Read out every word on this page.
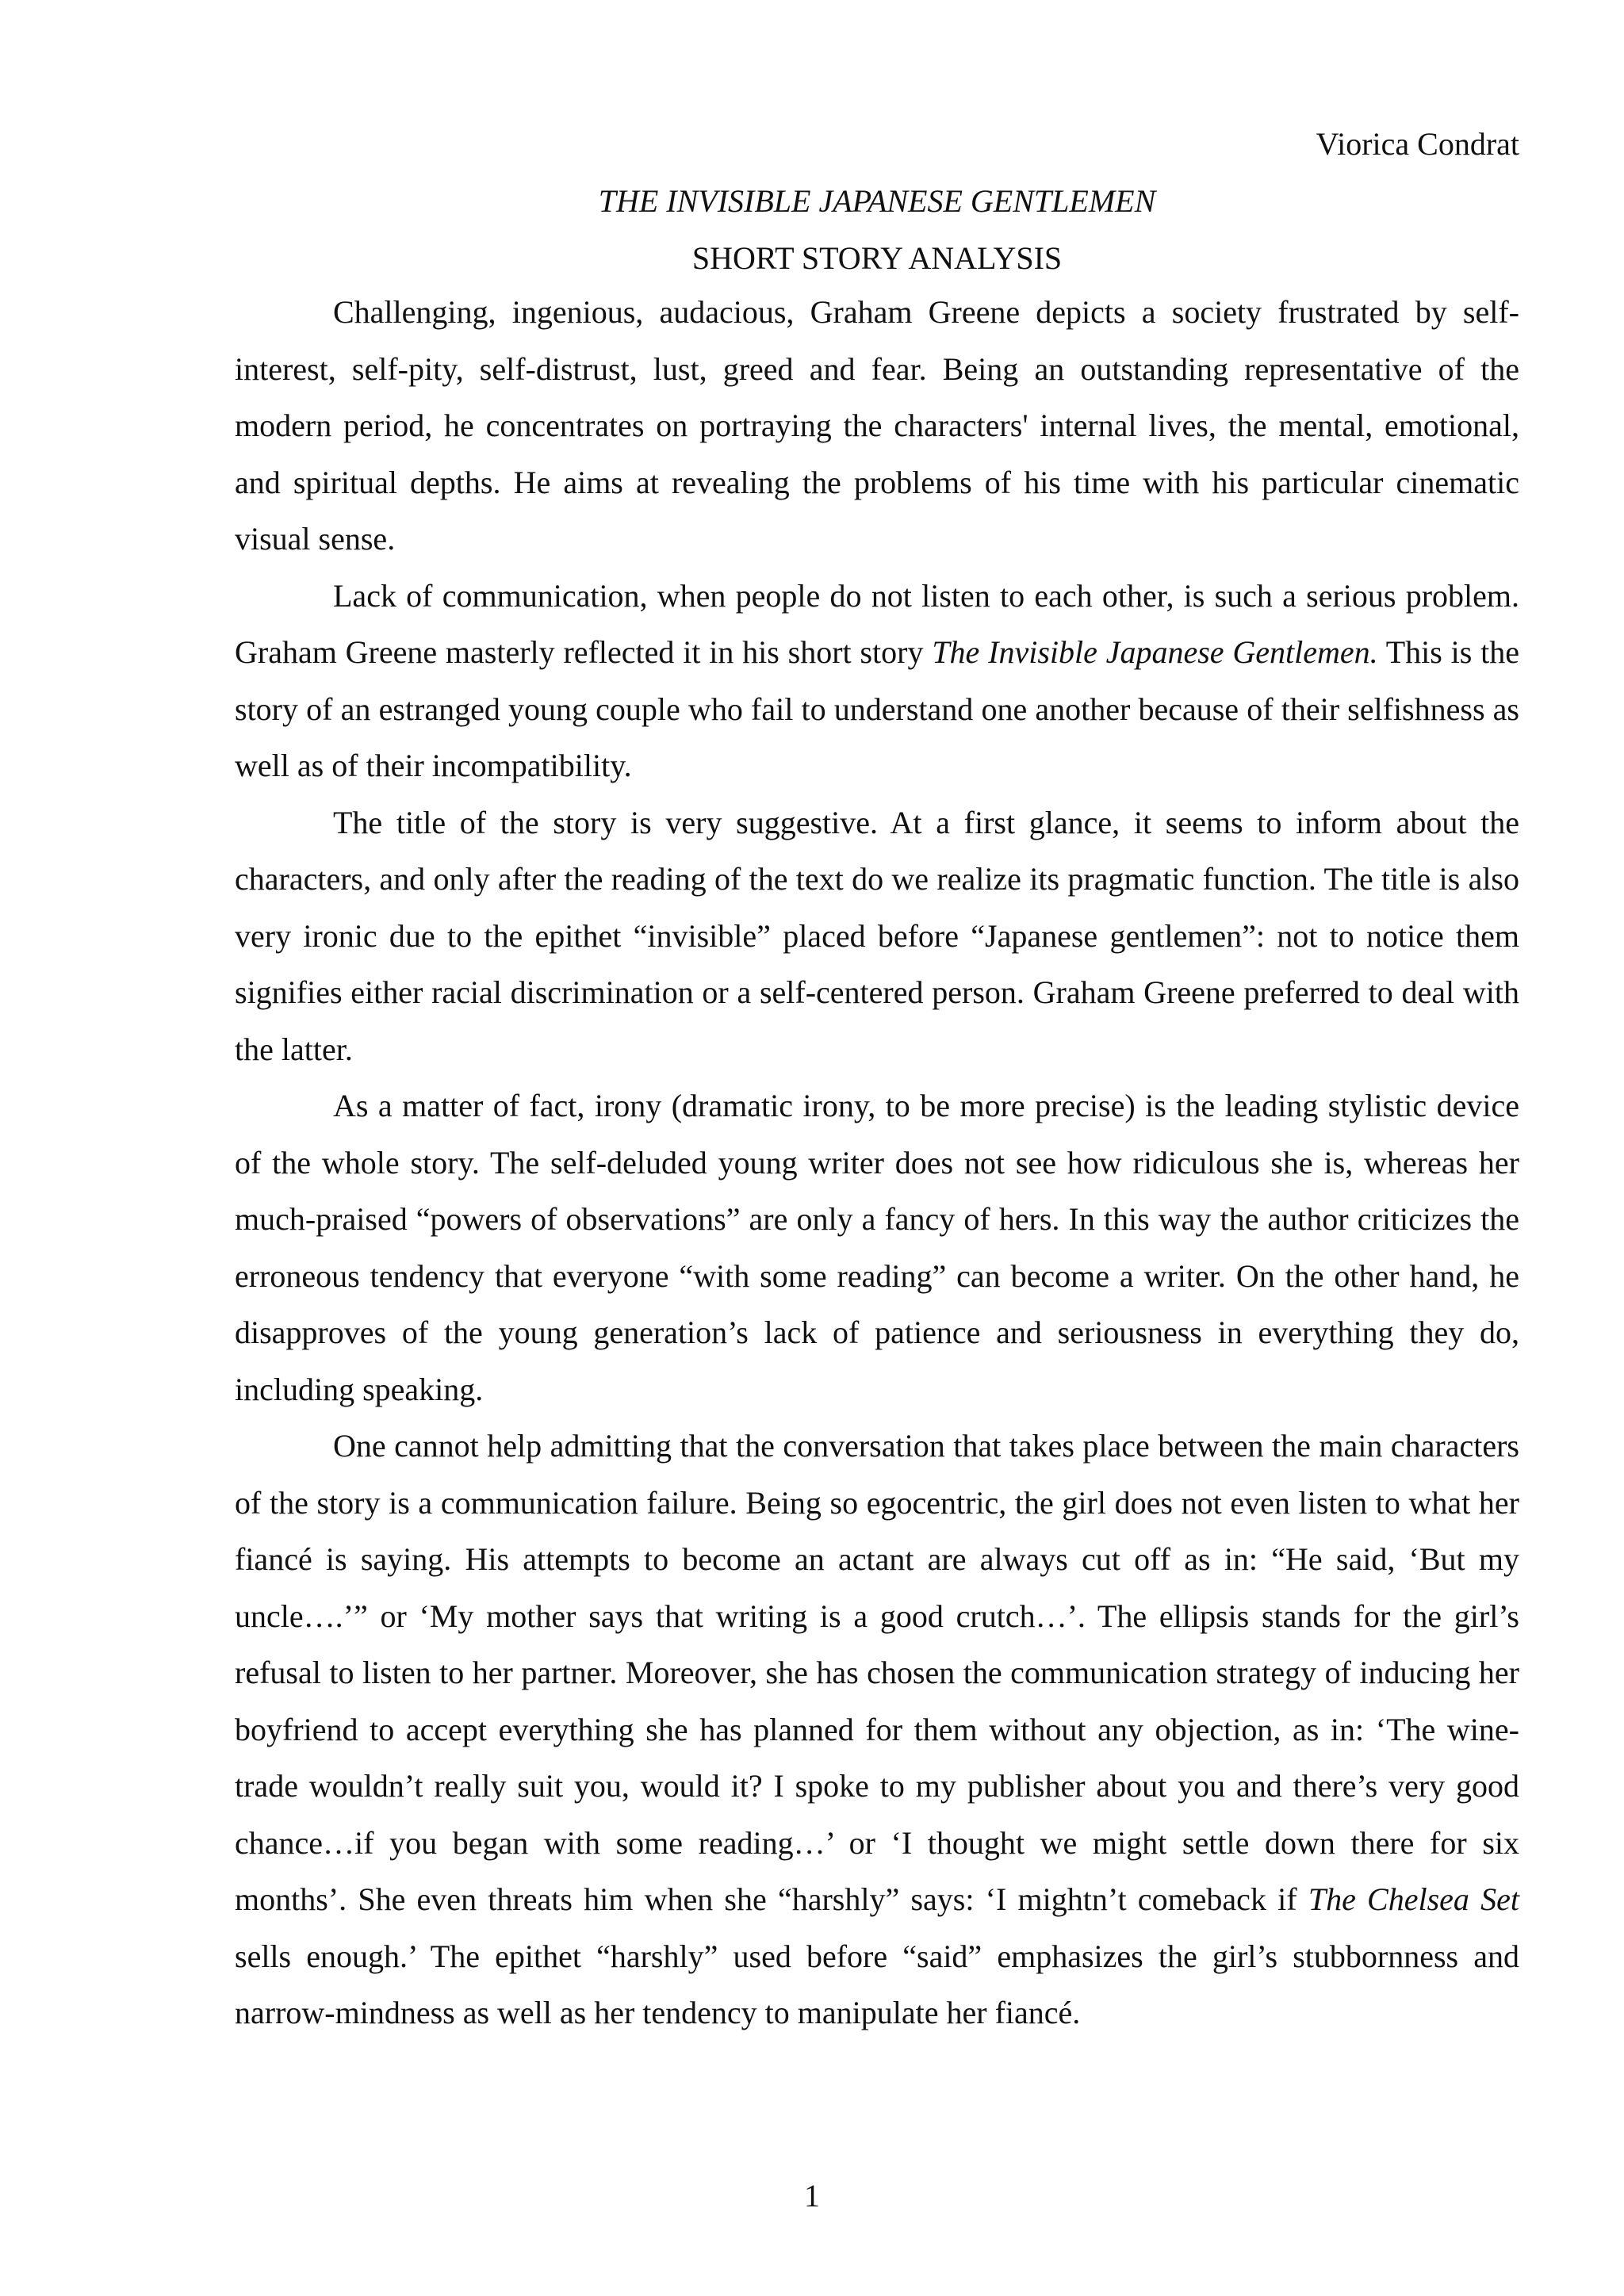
Viorica Condrat

THE INVISIBLE JAPANESE GENTLEMEN

SHORT STORY ANALYSIS

Challenging, ingenious, audacious, Graham Greene depicts a society frustrated by self-interest, self-pity, self-distrust, lust, greed and fear. Being an outstanding representative of the modern period, he concentrates on portraying the characters' internal lives, the mental, emotional, and spiritual depths. He aims at revealing the problems of his time with his particular cinematic visual sense.

Lack of communication, when people do not listen to each other, is such a serious problem. Graham Greene masterly reflected it in his short story The Invisible Japanese Gentlemen. This is the story of an estranged young couple who fail to understand one another because of their selfishness as well as of their incompatibility.

The title of the story is very suggestive. At a first glance, it seems to inform about the characters, and only after the reading of the text do we realize its pragmatic function. The title is also very ironic due to the epithet “invisible” placed before “Japanese gentlemen”: not to notice them signifies either racial discrimination or a self-centered person. Graham Greene preferred to deal with the latter.

As a matter of fact, irony (dramatic irony, to be more precise) is the leading stylistic device of the whole story. The self-deluded young writer does not see how ridiculous she is, whereas her much-praised “powers of observations” are only a fancy of hers. In this way the author criticizes the erroneous tendency that everyone “with some reading” can become a writer. On the other hand, he disapproves of the young generation’s lack of patience and seriousness in everything they do, including speaking.

One cannot help admitting that the conversation that takes place between the main characters of the story is a communication failure. Being so egocentric, the girl does not even listen to what her fiancé is saying. His attempts to become an actant are always cut off as in: “He said, ‘But my uncle….’” or ‘My mother says that writing is a good crutch…’. The ellipsis stands for the girl’s refusal to listen to her partner. Moreover, she has chosen the communication strategy of inducing her boyfriend to accept everything she has planned for them without any objection, as in: ‘The wine-trade wouldn’t really suit you, would it? I spoke to my publisher about you and there’s very good chance…if you began with some reading…’ or ‘I thought we might settle down there for six months’. She even threats him when she “harshly” says: ‘I mightn’t comeback if The Chelsea Set sells enough.’ The epithet “harshly” used before “said” emphasizes the girl’s stubbornness and narrow-mindness as well as her tendency to manipulate her fiancé.

1
